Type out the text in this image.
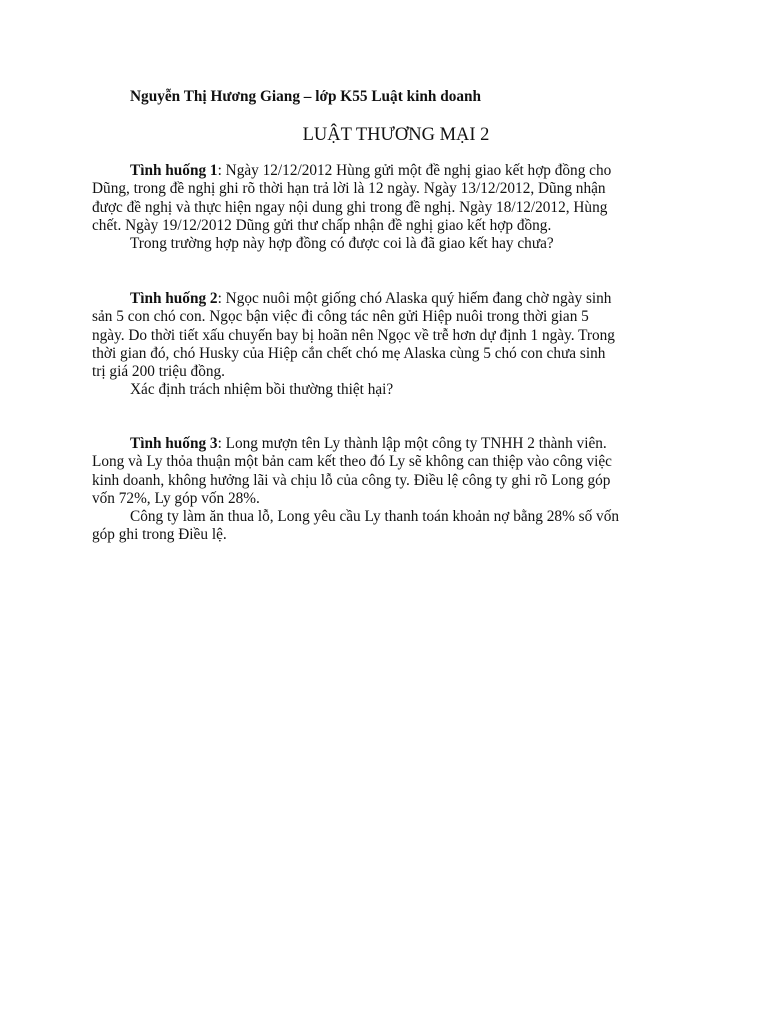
Nguyễn Thị Hương Giang – lớp K55 Luật kinh doanh
LUẬT THƯƠNG MẠI 2
Tình huống 1: Ngày 12/12/2012 Hùng gửi một đề nghị giao kết hợp đồng cho
Dũng, trong đề nghị ghi rõ thời hạn trả lời là 12 ngày. Ngày 13/12/2012, Dũng nhận
được đề nghị và thực hiện ngay nội dung ghi trong đề nghị. Ngày 18/12/2012, Hùng
chết. Ngày 19/12/2012 Dũng gửi thư chấp nhận đề nghị giao kết hợp đồng.
Trong trường hợp này hợp đồng có được coi là đã giao kết hay chưa?
Tình huống 2: Ngọc nuôi một giống chó Alaska quý hiếm đang chờ ngày sinh
sản 5 con chó con. Ngọc bận việc đi công tác nên gửi Hiệp nuôi trong thời gian 5
ngày. Do thời tiết xấu chuyến bay bị hoãn nên Ngọc về trễ hơn dự định 1 ngày. Trong
thời gian đó, chó Husky của Hiệp cắn chết chó mẹ Alaska cùng 5 chó con chưa sinh
trị giá 200 triệu đồng.
Xác định trách nhiệm bồi thường thiệt hại?
Tình huống 3: Long mượn tên Ly thành lập một công ty TNHH 2 thành viên.
Long và Ly thỏa thuận một bản cam kết theo đó Ly sẽ không can thiệp vào công việc
kinh doanh, không hưởng lãi và chịu lỗ của công ty. Điều lệ công ty ghi rõ Long góp
vốn 72%, Ly góp vốn 28%.
Công ty làm ăn thua lỗ, Long yêu cầu Ly thanh toán khoản nợ bằng 28% số vốn
góp ghi trong Điều lệ.
